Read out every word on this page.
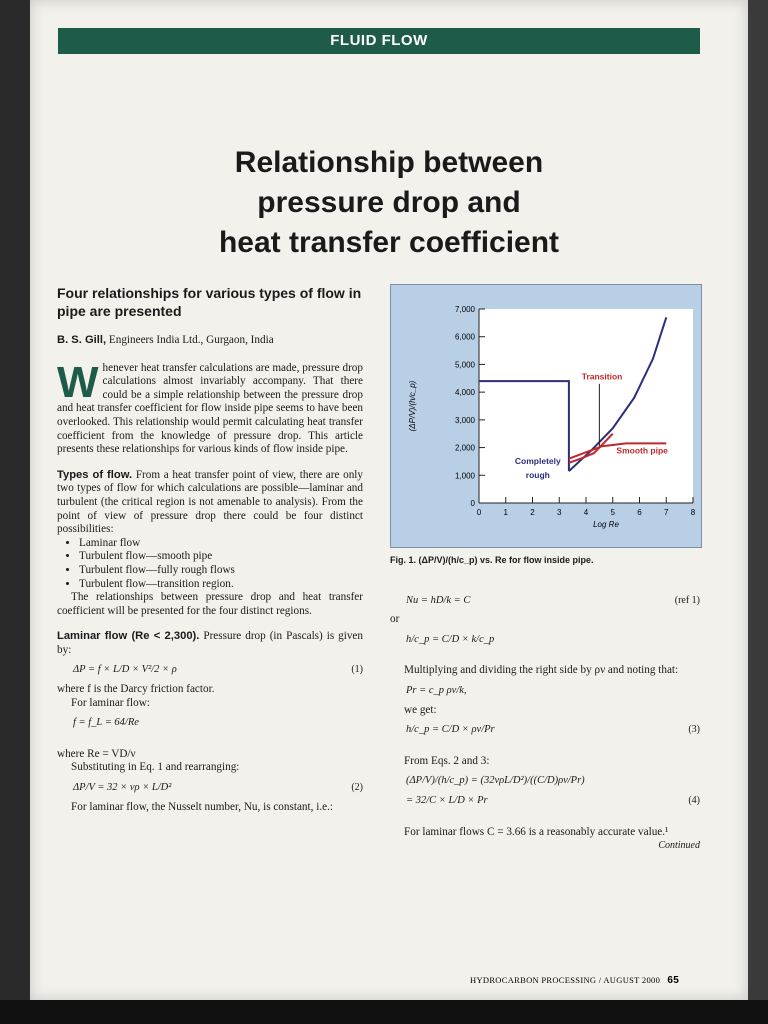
FLUID FLOW
Relationship between
pressure drop and
heat transfer coefficient
Four relationships for various types of flow in pipe are presented
B. S. Gill, Engineers India Ltd., Gurgaon, India

Whenever heat transfer calculations are made, pressure drop calculations almost invariably accompany. That there could be a simple relationship between the pressure drop and heat transfer coefficient for flow inside pipe seems to have been overlooked. This relationship would permit calculating heat transfer coefficient from the knowledge of pressure drop. This article presents these relationships for various kinds of flow inside pipe.

Types of flow. From a heat transfer point of view, there are only two types of flow for which calculations are possible—laminar and turbulent (the critical region is not amenable to analysis). From the point of view of pressure drop there could be four distinct possibilities:

• Laminar flow
• Turbulent flow—smooth pipe
• Turbulent flow—fully rough flows
• Turbulent flow—transition region.

The relationships between pressure drop and heat transfer coefficient will be presented for the four distinct regions.

Laminar flow (Re < 2,300). Pressure drop (in Pascals) is given by:

ΔP = f × L/D × V²/2 × ρ	(1)

where f is the Darcy friction factor.

For laminar flow:

f = f_L = 64/Re

where Re = VD/ν

Substituting in Eq. 1 and rearranging:

ΔP/V = 32 × νρ × L/D²	(2)

For laminar flow, the Nusselt number, Nu, is constant, i.e.:

0
1,000
2,000
3,000
4,000
5,000
6,000
7,000
0	1	2	3	4	5	6	7	8
Log Re
(ΔP/V)/(h/c_p)
Transition
Smooth pipe
Completely
rough
Fig. 1. (ΔP/V)/(h/c_p) vs. Re for flow inside pipe.
Nu = hD/k = C	(ref 1)

or

h/c_p = C/D × k/c_p

Multiplying and dividing the right side by ρν and noting that:

Pr = c_p ρν/k,

we get:

h/c_p = C/D × ρν/Pr	(3)

From Eqs. 2 and 3:

(ΔP/V)/(h/c_p) = (32νρL/D²)/((C/D)ρν/Pr)
= 32/C × L/D × Pr	(4)

For laminar flows C = 3.66 is a reasonably accurate value.¹

Continued
HYDROCARBON PROCESSING / AUGUST 2000 65
